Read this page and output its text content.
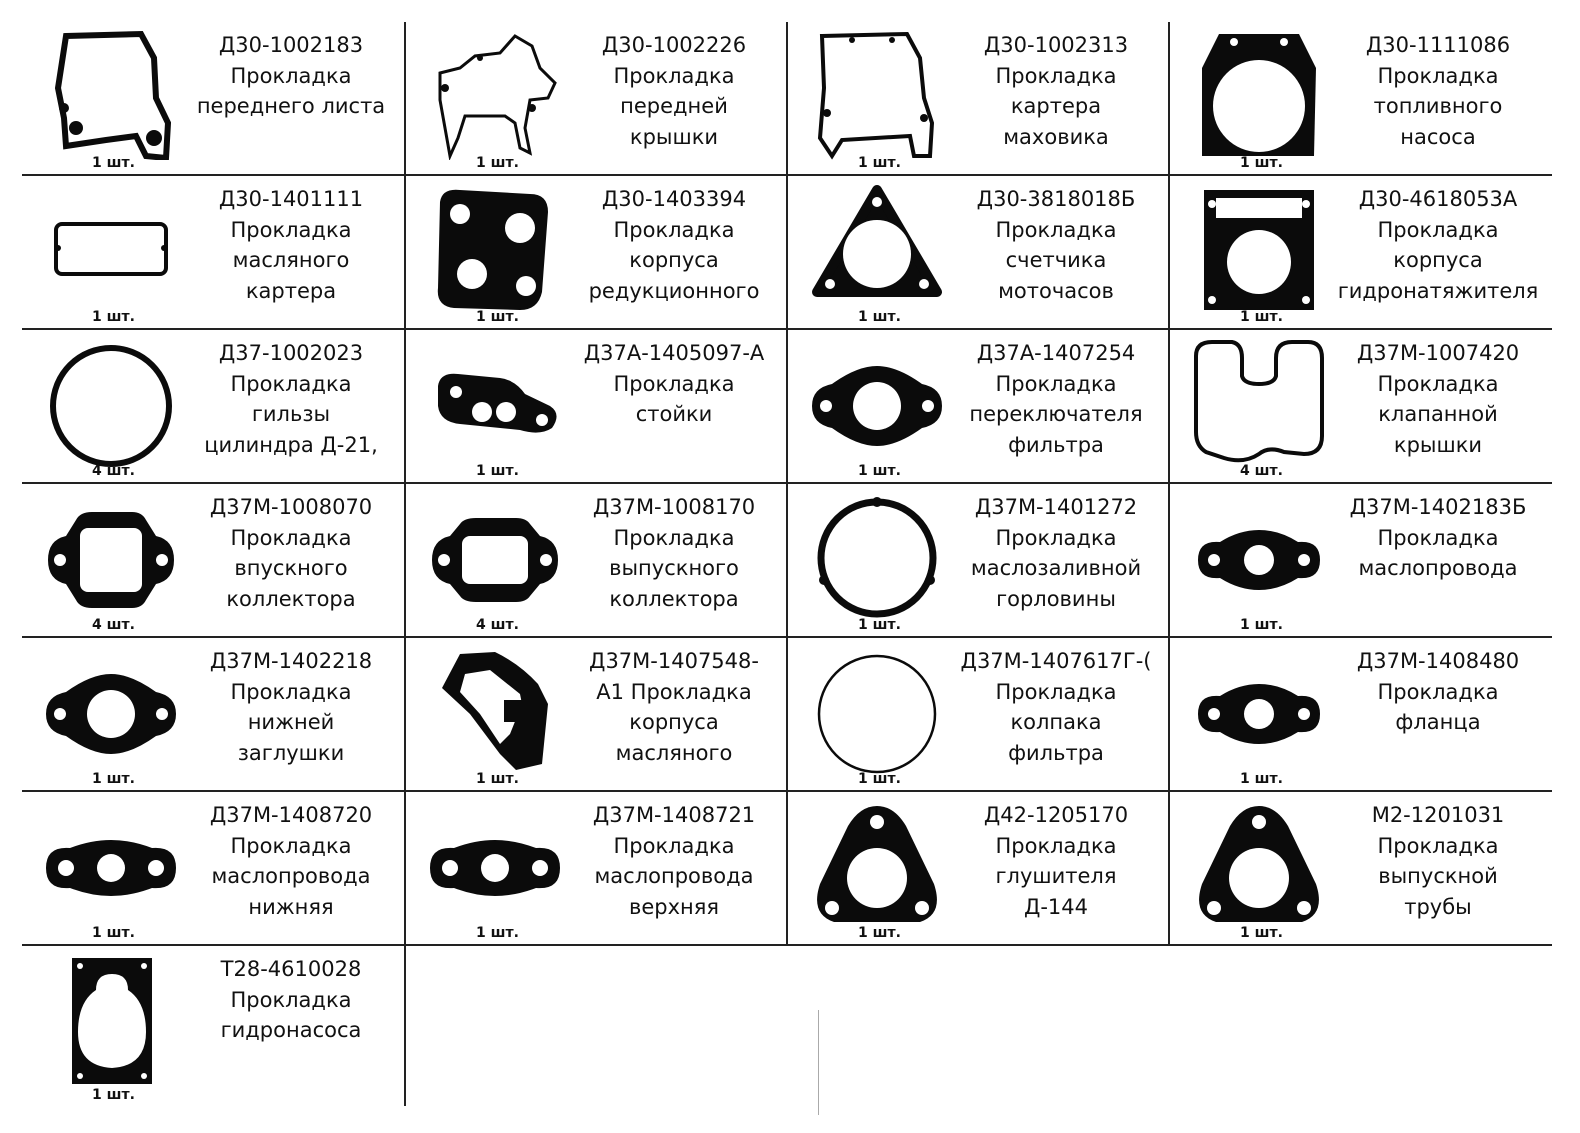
Д30-1002183
Прокладка
переднего листа
1 шт.
Д30-1002226
Прокладка
передней
крышки
1 шт.
Д30-1002313
Прокладка
картера
маховика
1 шт.
Д30-1111086
Прокладка
топливного
насоса
1 шт.
Д30-1401111
Прокладка
масляного
картера
1 шт.
Д30-1403394
Прокладка
корпуса
редукционного
1 шт.
Д30-3818018Б
Прокладка
счетчика
моточасов
1 шт.
Д30-4618053А
Прокладка
корпуса
гидронатяжителя
1 шт.
Д37-1002023
Прокладка
гильзы
цилиндра Д-21,
4 шт.
Д37А-1405097-А
Прокладка
стойки
1 шт.
Д37А-1407254
Прокладка
переключателя
фильтра
1 шт.
Д37М-1007420
Прокладка
клапанной
крышки
4 шт.
Д37М-1008070
Прокладка
впускного
коллектора
4 шт.
Д37М-1008170
Прокладка
выпускного
коллектора
4 шт.
Д37М-1401272
Прокладка
маслозаливной
горловины
1 шт.
Д37М-1402183Б
Прокладка
маслопровода
1 шт.
Д37М-1402218
Прокладка
нижней
заглушки
1 шт.
Д37М-1407548-
А1 Прокладка
корпуса
масляного
1 шт.
Д37М-1407617Г-(
Прокладка
колпака
фильтра
1 шт.
Д37М-1408480
Прокладка
фланца
1 шт.
Д37М-1408720
Прокладка
маслопровода
нижняя
1 шт.
Д37М-1408721
Прокладка
маслопровода
верхняя
1 шт.
Д42-1205170
Прокладка
глушителя
Д-144
1 шт.
М2-1201031
Прокладка
выпускной
трубы
1 шт.
Т28-4610028
Прокладка
гидронасоса
1 шт.
